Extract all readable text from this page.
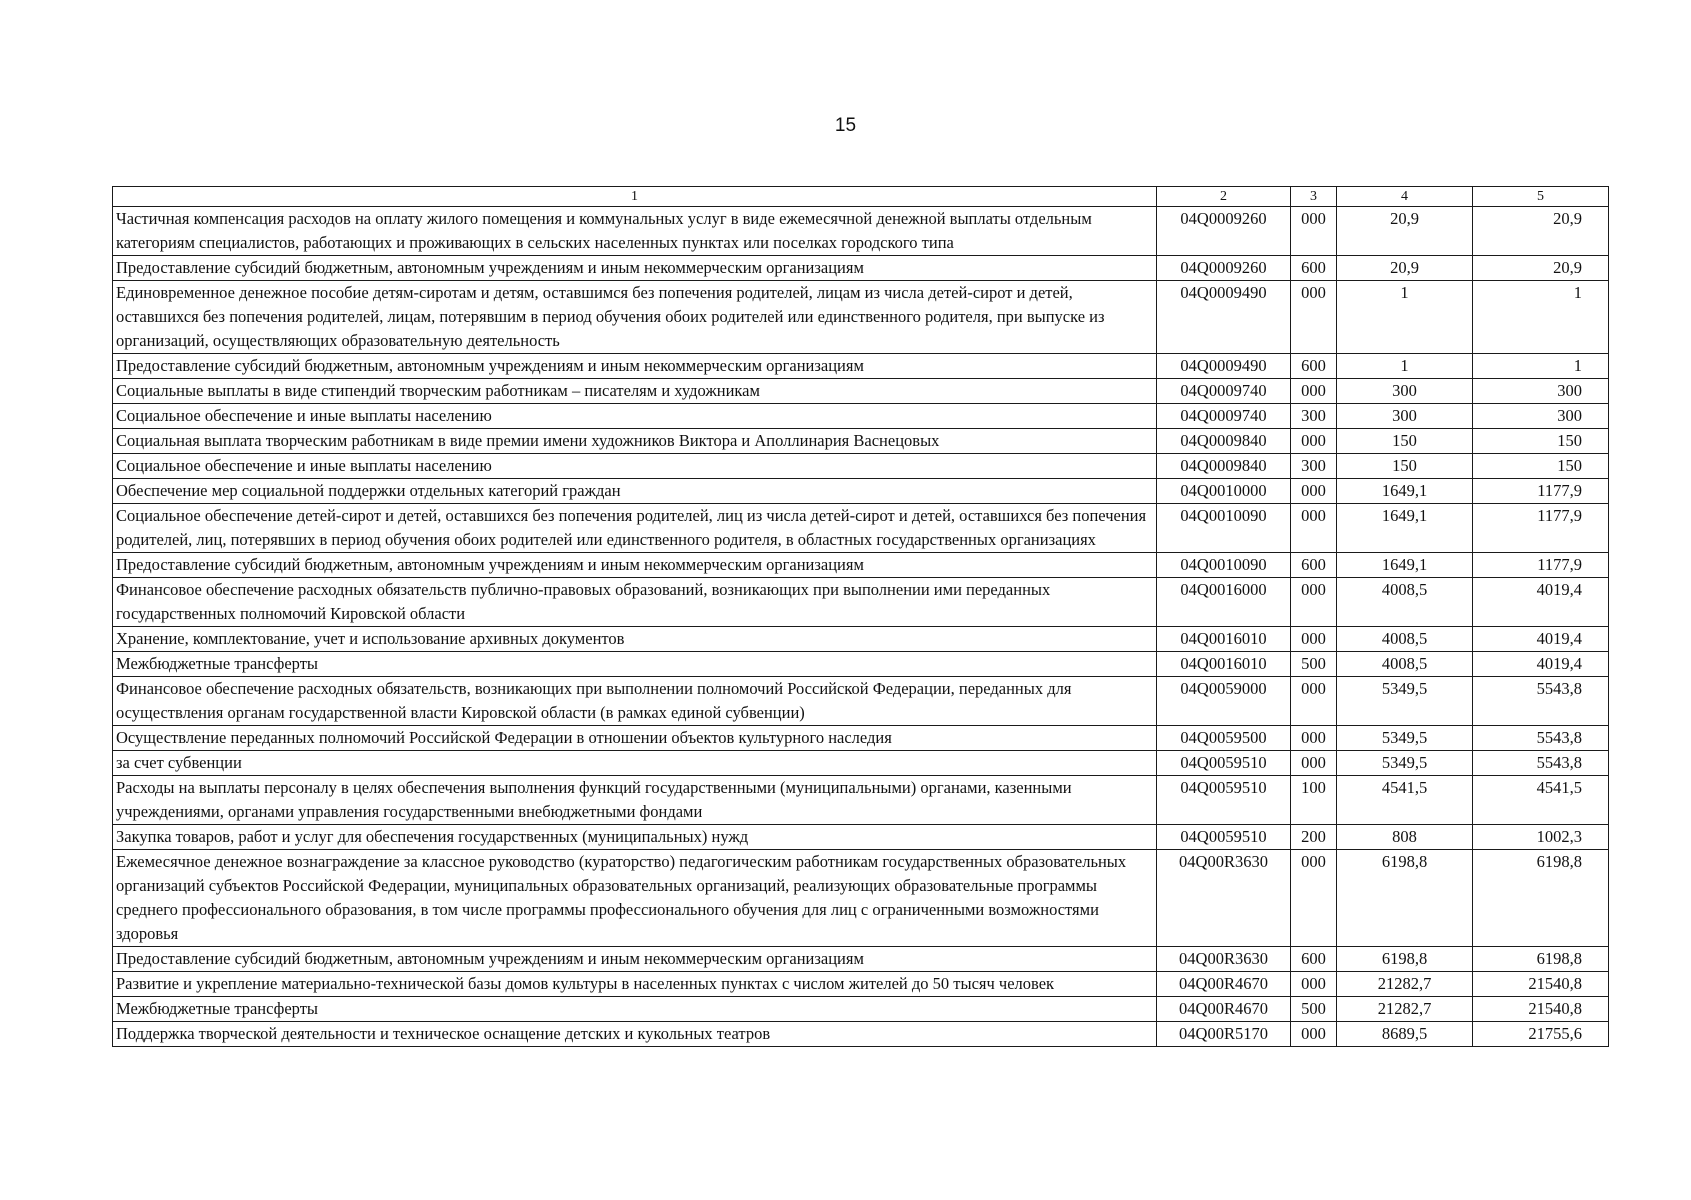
15
1	2	3	4	5
Частичная компенсация расходов на оплату жилого помещения и коммунальных услуг в виде ежемесячной денежной выплаты отдельным категориям специалистов, работающих и проживающих в сельских населенных пунктах или поселках городского типа	04Q0009260	000	20,9	20,9
Предоставление субсидий бюджетным, автономным учреждениям и иным некоммерческим организациям	04Q0009260	600	20,9	20,9
Единовременное денежное пособие детям-сиротам и детям, оставшимся без попечения родителей, лицам из числа детей-сирот и детей, оставшихся без попечения родителей, лицам, потерявшим в период обучения обоих родителей или единственного родителя, при выпуске из организаций, осуществляющих образовательную деятельность	04Q0009490	000	1	1
Предоставление субсидий бюджетным, автономным учреждениям и иным некоммерческим организациям	04Q0009490	600	1	1
Социальные выплаты в виде стипендий творческим работникам – писателям и художникам	04Q0009740	000	300	300
Социальное обеспечение и иные выплаты населению	04Q0009740	300	300	300
Социальная выплата творческим работникам в виде премии имени художников Виктора и Аполлинария Васнецовых	04Q0009840	000	150	150
Социальное обеспечение и иные выплаты населению	04Q0009840	300	150	150
Обеспечение мер социальной поддержки отдельных категорий граждан	04Q0010000	000	1649,1	1177,9
Социальное обеспечение детей-сирот и детей, оставшихся без попечения родителей, лиц из числа детей-сирот и детей, оставшихся без попечения родителей, лиц, потерявших в период обучения обоих родителей или единственного родителя, в областных государственных организациях	04Q0010090	000	1649,1	1177,9
Предоставление субсидий бюджетным, автономным учреждениям и иным некоммерческим организациям	04Q0010090	600	1649,1	1177,9
Финансовое обеспечение расходных обязательств публично-правовых образований, возникающих при выполнении ими переданных государственных полномочий Кировской области	04Q0016000	000	4008,5	4019,4
Хранение, комплектование, учет и использование архивных документов	04Q0016010	000	4008,5	4019,4
Межбюджетные трансферты	04Q0016010	500	4008,5	4019,4
Финансовое обеспечение расходных обязательств, возникающих при выполнении полномочий Российской Федерации, переданных для осуществления органам государственной власти Кировской области (в рамках единой субвенции)	04Q0059000	000	5349,5	5543,8
Осуществление переданных полномочий Российской Федерации в отношении объектов культурного наследия	04Q0059500	000	5349,5	5543,8
за счет субвенции	04Q0059510	000	5349,5	5543,8
Расходы на выплаты персоналу в целях обеспечения выполнения функций государственными (муниципальными) органами, казенными учреждениями, органами управления государственными внебюджетными фондами	04Q0059510	100	4541,5	4541,5
Закупка товаров, работ и услуг для обеспечения государственных (муниципальных) нужд	04Q0059510	200	808	1002,3
Ежемесячное денежное вознаграждение за классное руководство (кураторство) педагогическим работникам государственных образовательных организаций субъектов Российской Федерации, муниципальных образовательных организаций, реализующих образовательные программы среднего профессионального образования, в том числе программы профессионального обучения для лиц с ограниченными возможностями здоровья	04Q00R3630	000	6198,8	6198,8
Предоставление субсидий бюджетным, автономным учреждениям и иным некоммерческим организациям	04Q00R3630	600	6198,8	6198,8
Развитие и укрепление материально-технической базы домов культуры в населенных пунктах с числом жителей до 50 тысяч человек	04Q00R4670	000	21282,7	21540,8
Межбюджетные трансферты	04Q00R4670	500	21282,7	21540,8
Поддержка творческой деятельности и техническое оснащение детских и кукольных театров	04Q00R5170	000	8689,5	21755,6
